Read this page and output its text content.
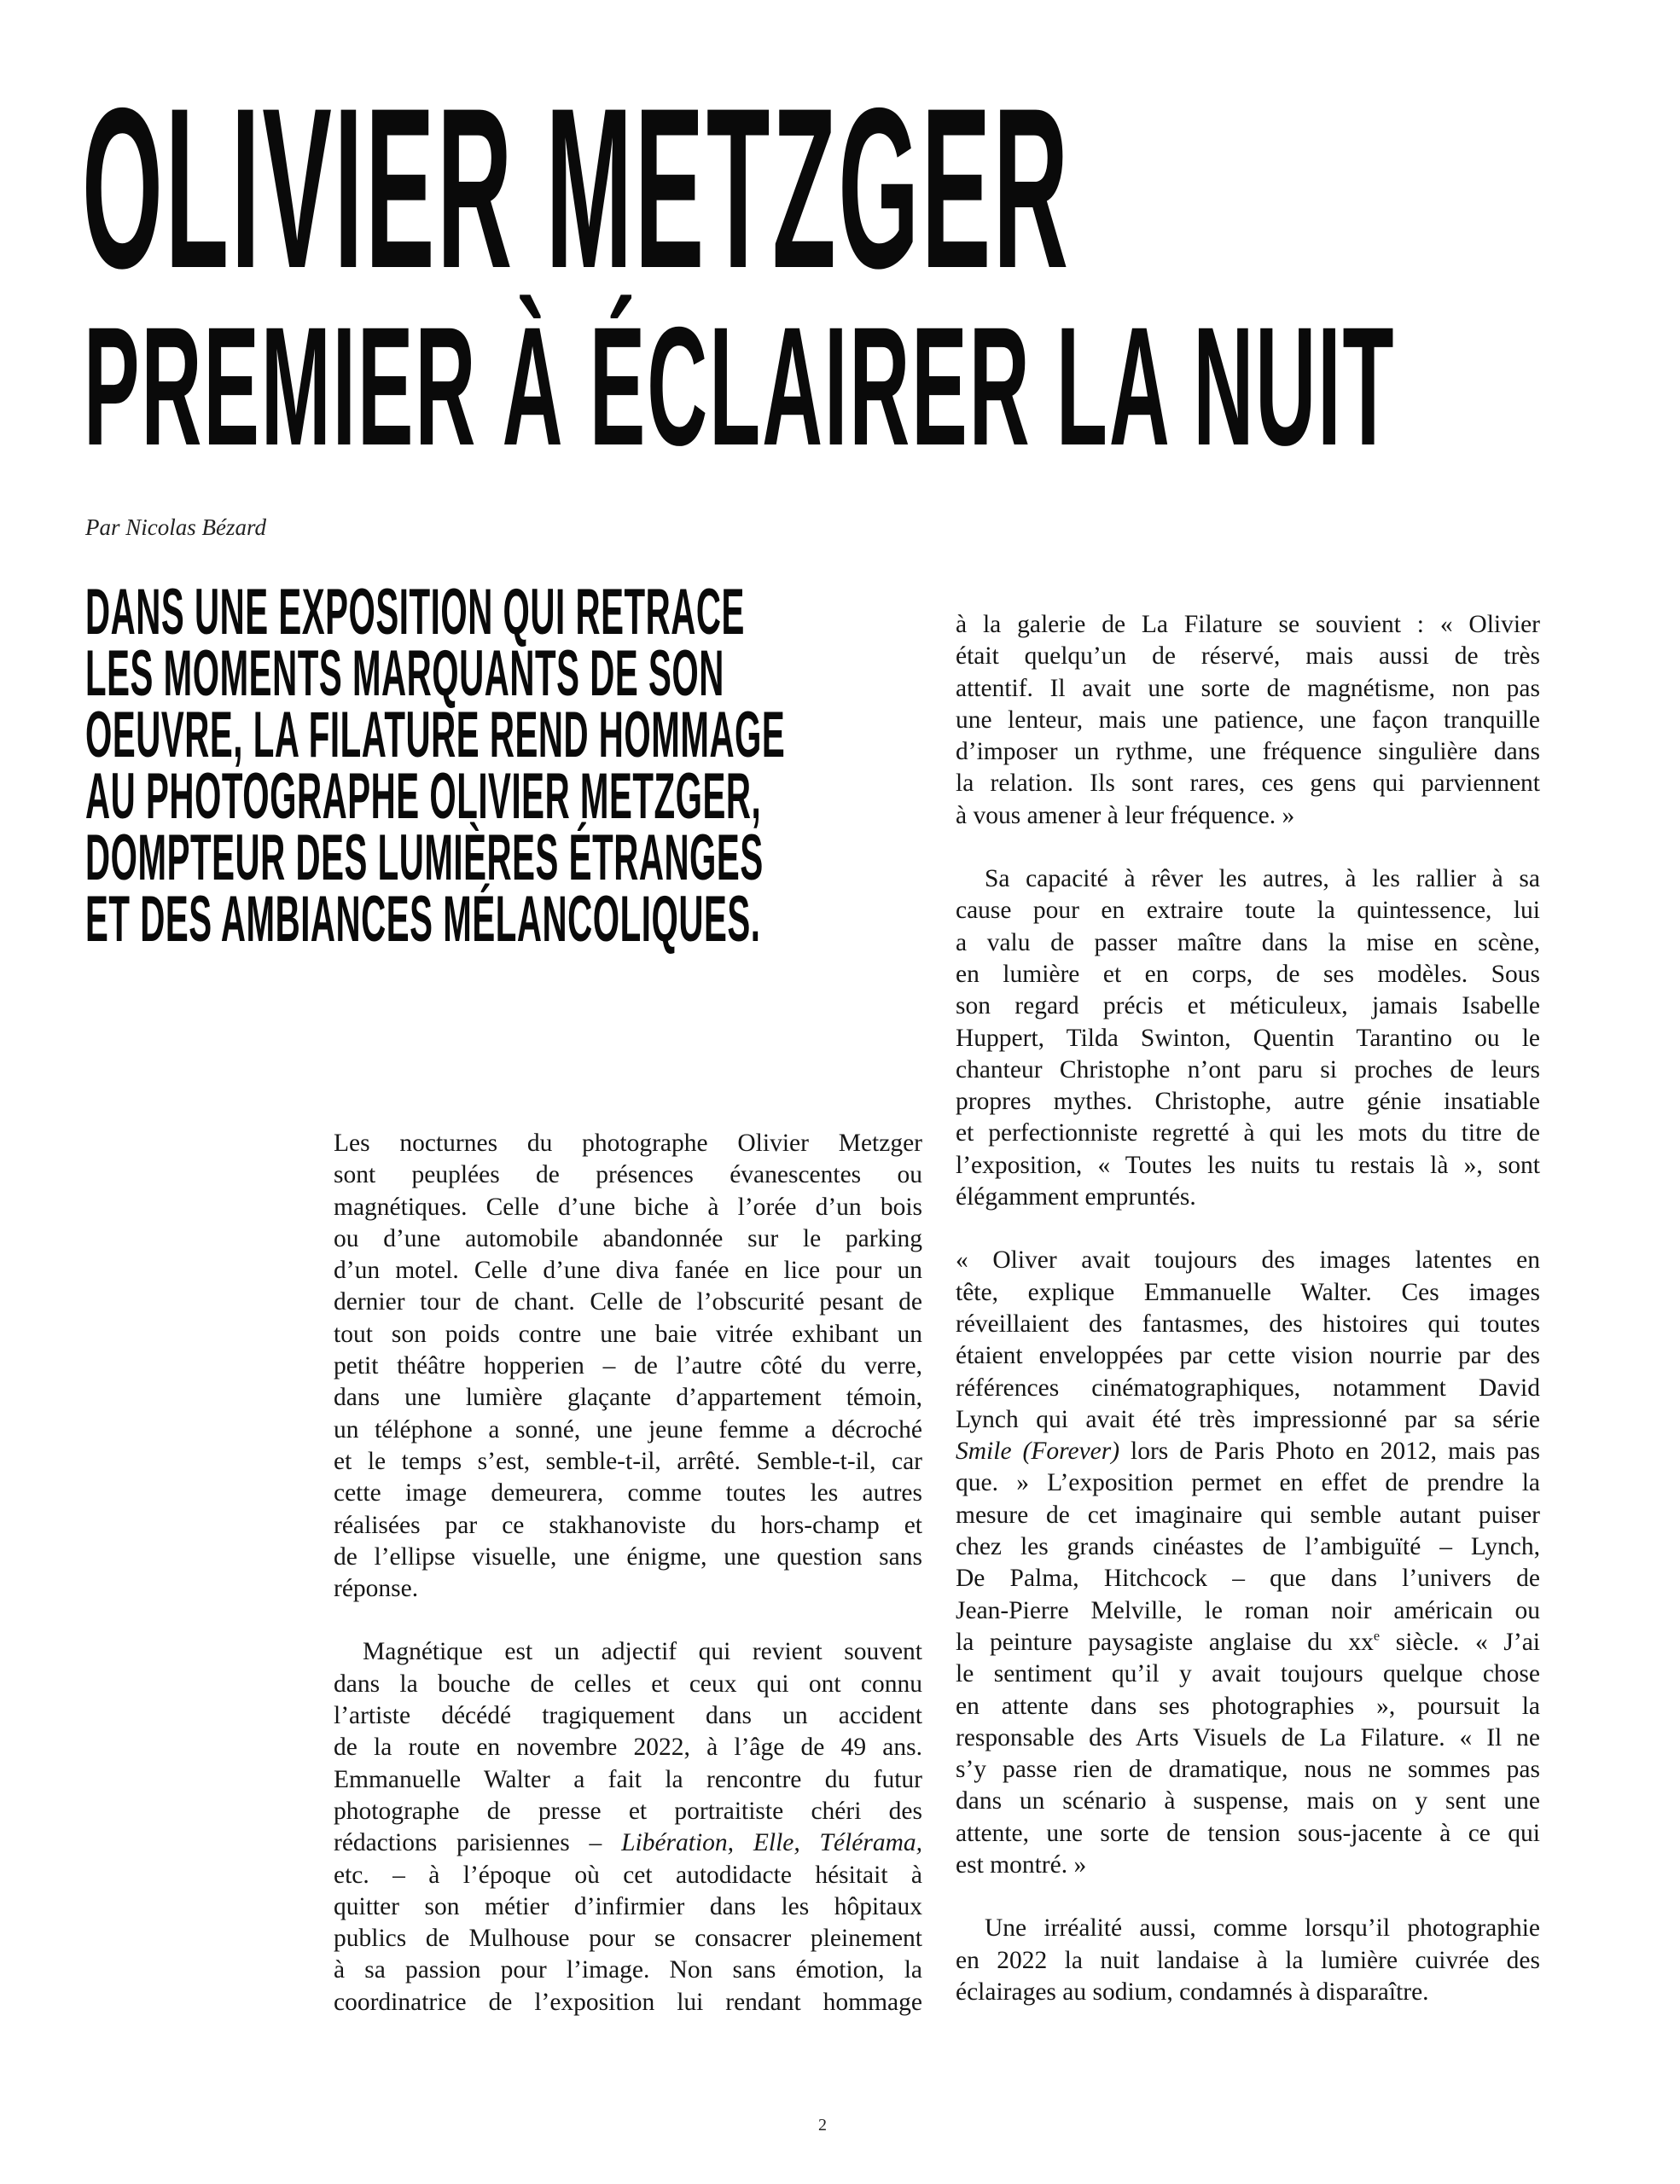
OLIVIER METZGER
PREMIER À ÉCLAIRER LA NUIT
Par Nicolas Bézard
DANS UNE EXPOSITION QUI RETRACE
LES MOMENTS MARQUANTS DE SON
OEUVRE, LA FILATURE REND HOMMAGE
AU PHOTOGRAPHE OLIVIER METZGER,
DOMPTEUR DES LUMIÈRES ÉTRANGES
ET DES AMBIANCES MÉLANCOLIQUES.
Les nocturnes du photographe Olivier Metzger
sont peuplées de présences évanescentes ou
magnétiques. Celle d’une biche à l’orée d’un bois
ou d’une automobile abandonnée sur le parking
d’un motel. Celle d’une diva fanée en lice pour un
dernier tour de chant. Celle de l’obscurité pesant de
tout son poids contre une baie vitrée exhibant un
petit théâtre hopperien – de l’autre côté du verre,
dans une lumière glaçante d’appartement témoin,
un téléphone a sonné, une jeune femme a décroché
et le temps s’est, semble-t-il, arrêté. Semble-t-il, car
cette image demeurera, comme toutes les autres
réalisées par ce stakhanoviste du hors-champ et
de l’ellipse visuelle, une énigme, une question sans
réponse.
Magnétique est un adjectif qui revient souvent
dans la bouche de celles et ceux qui ont connu
l’artiste décédé tragiquement dans un accident
de la route en novembre 2022, à l’âge de 49 ans.
Emmanuelle Walter a fait la rencontre du futur
photographe de presse et portraitiste chéri des
rédactions parisiennes – Libération, Elle, Télérama,
etc. – à l’époque où cet autodidacte hésitait à
quitter son métier d’infirmier dans les hôpitaux
publics de Mulhouse pour se consacrer pleinement
à sa passion pour l’image. Non sans émotion, la
coordinatrice de l’exposition lui rendant hommage
à la galerie de La Filature se souvient : « Olivier
était quelqu’un de réservé, mais aussi de très
attentif. Il avait une sorte de magnétisme, non pas
une lenteur, mais une patience, une façon tranquille
d’imposer un rythme, une fréquence singulière dans
la relation. Ils sont rares, ces gens qui parviennent
à vous amener à leur fréquence. »
Sa capacité à rêver les autres, à les rallier à sa
cause pour en extraire toute la quintessence, lui
a valu de passer maître dans la mise en scène,
en lumière et en corps, de ses modèles. Sous
son regard précis et méticuleux, jamais Isabelle
Huppert, Tilda Swinton, Quentin Tarantino ou le
chanteur Christophe n’ont paru si proches de leurs
propres mythes. Christophe, autre génie insatiable
et perfectionniste regretté à qui les mots du titre de
l’exposition, « Toutes les nuits tu restais là », sont
élégamment empruntés.
« Oliver avait toujours des images latentes en
tête, explique Emmanuelle Walter. Ces images
réveillaient des fantasmes, des histoires qui toutes
étaient enveloppées par cette vision nourrie par des
références cinématographiques, notamment David
Lynch qui avait été très impressionné par sa série
Smile (Forever) lors de Paris Photo en 2012, mais pas
que. » L’exposition permet en effet de prendre la
mesure de cet imaginaire qui semble autant puiser
chez les grands cinéastes de l’ambiguïté – Lynch,
De Palma, Hitchcock – que dans l’univers de
Jean-Pierre Melville, le roman noir américain ou
la peinture paysagiste anglaise du $xx^e$ siècle. « J’ai
le sentiment qu’il y avait toujours quelque chose
en attente dans ses photographies », poursuit la
responsable des Arts Visuels de La Filature. « Il ne
s’y passe rien de dramatique, nous ne sommes pas
dans un scénario à suspense, mais on y sent une
attente, une sorte de tension sous-jacente à ce qui
est montré. »
Une irréalité aussi, comme lorsqu’il photographie
en 2022 la nuit landaise à la lumière cuivrée des
éclairages au sodium, condamnés à disparaître.
2
